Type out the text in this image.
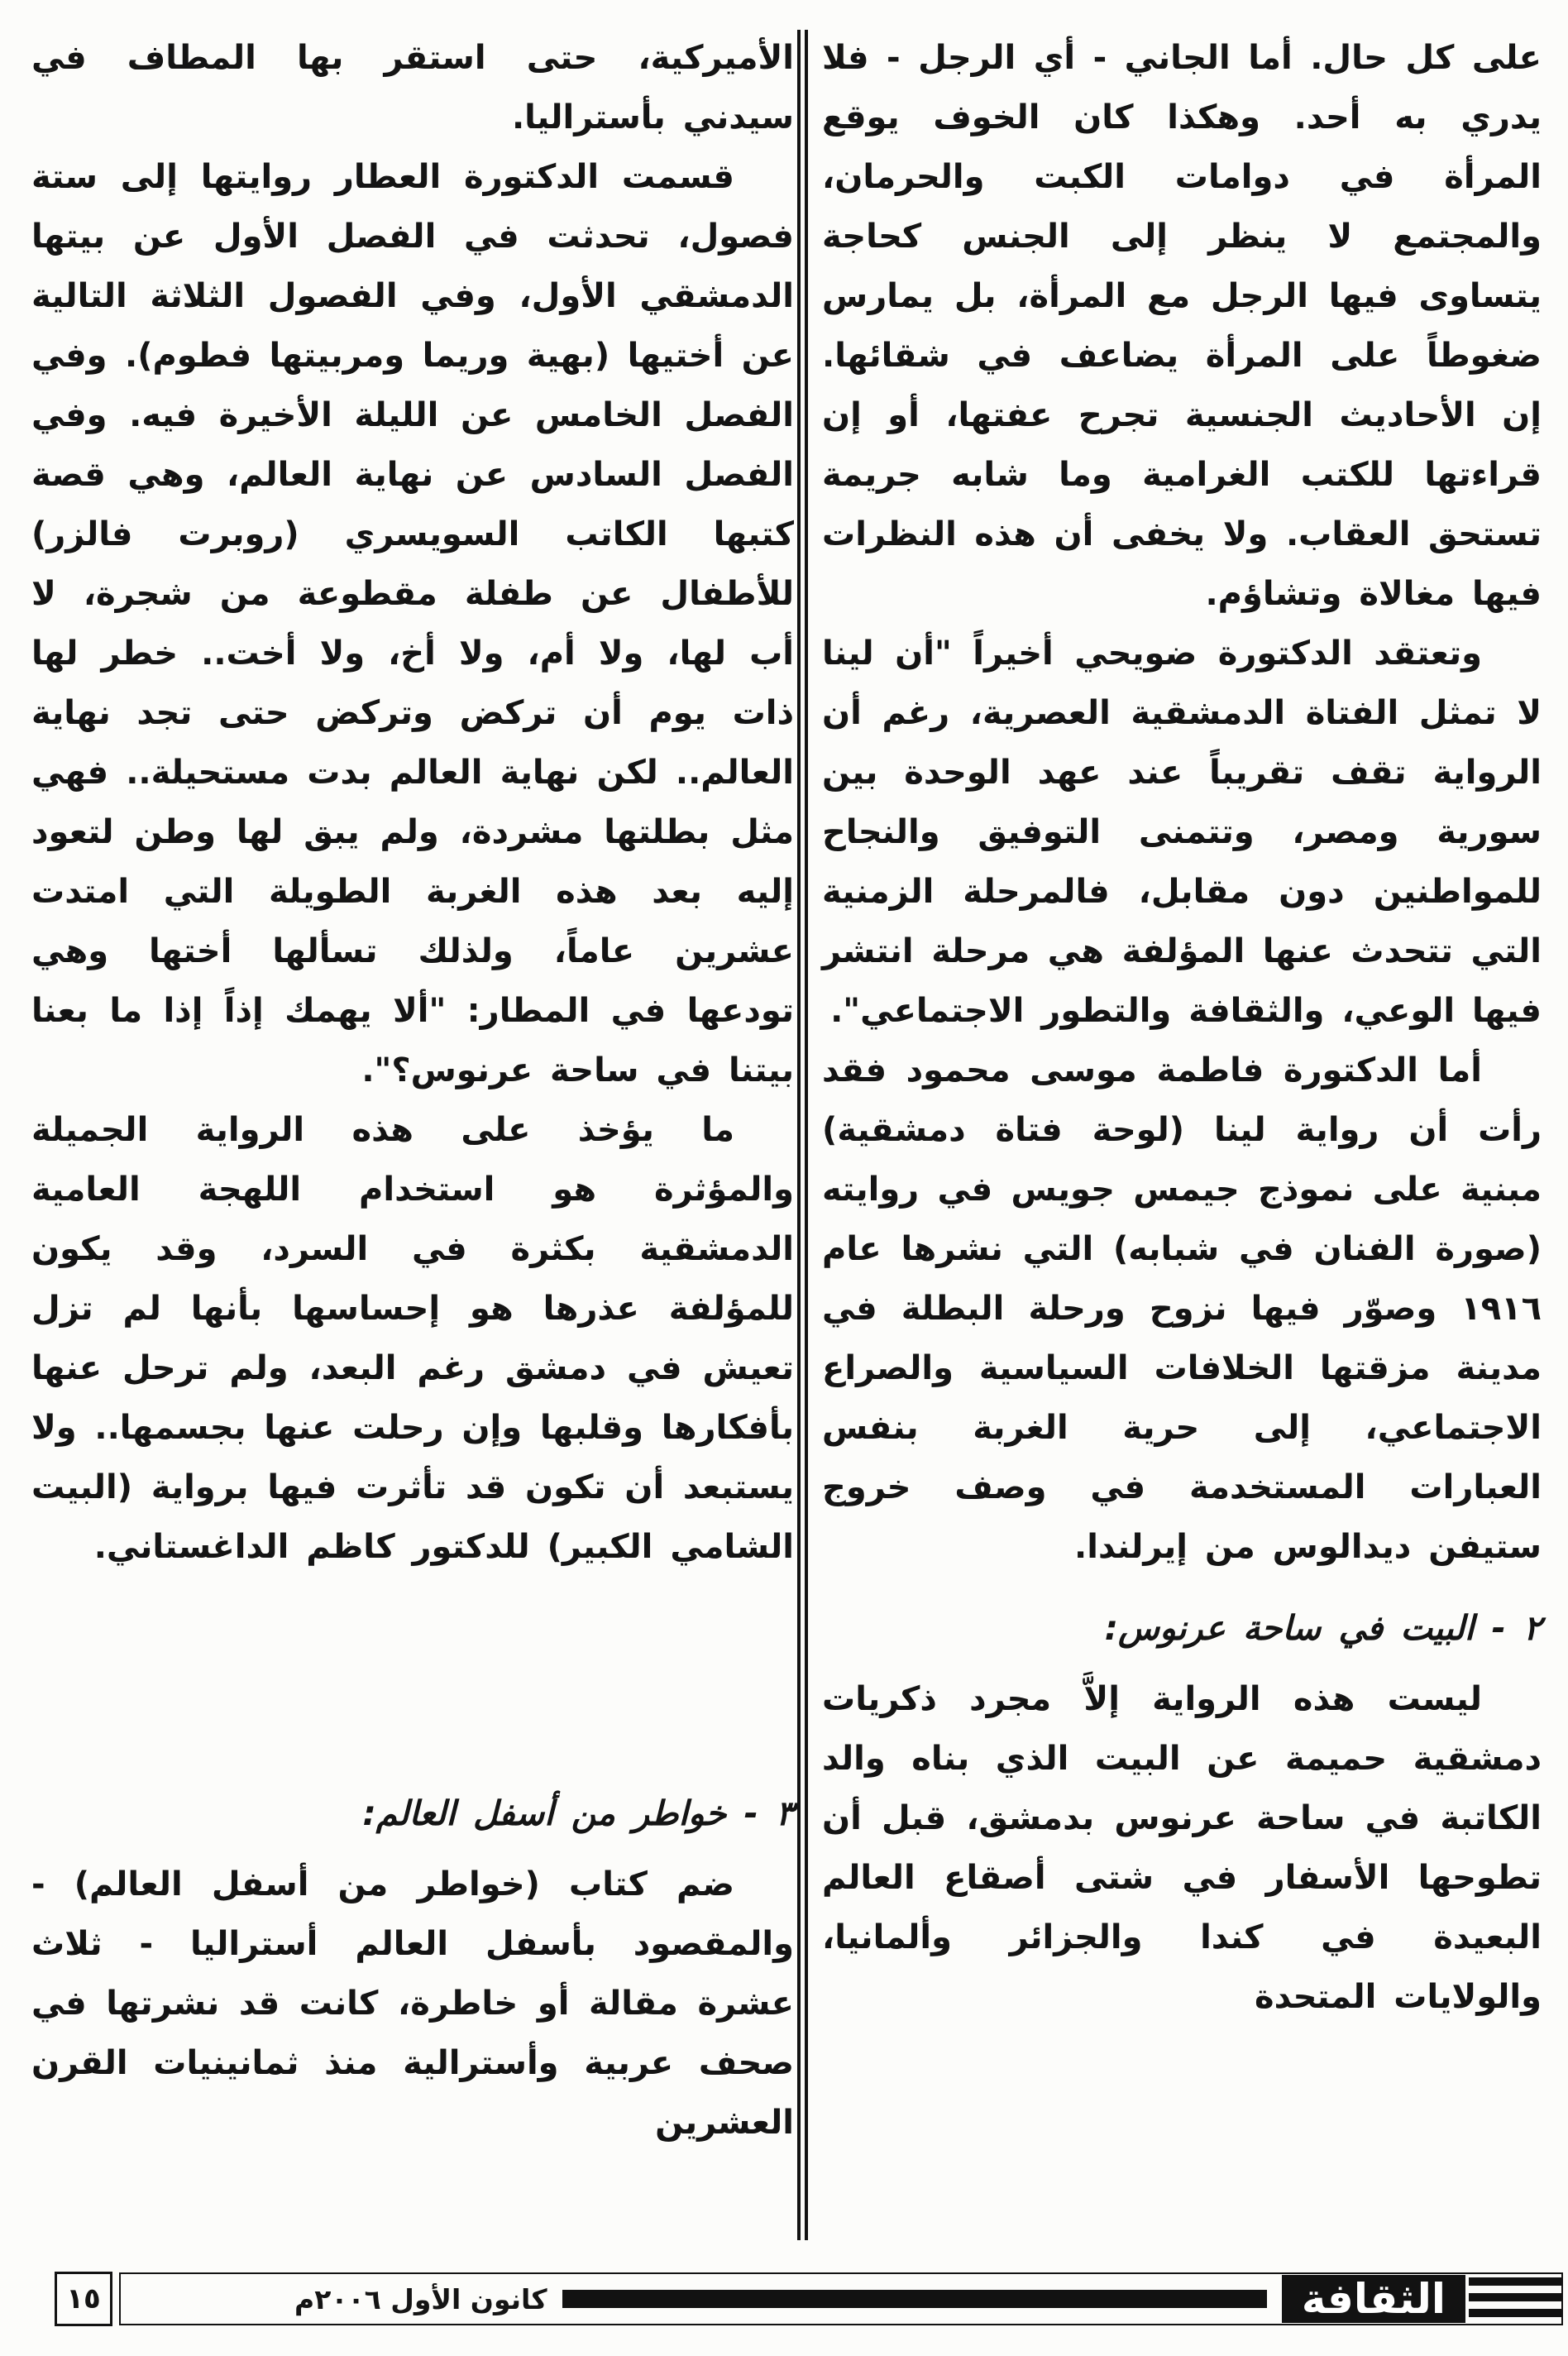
على كل حال. أما الجاني - أي الرجل - فلا يدري به أحد. وهكذا كان الخوف يوقع المرأة في دوامات الكبت والحرمان، والمجتمع لا ينظر إلى الجنس كحاجة يتساوى فيها الرجل مع المرأة، بل يمارس ضغوطاً على المرأة يضاعف في شقائها. إن الأحاديث الجنسية تجرح عفتها، أو إن قراءتها للكتب الغرامية وما شابه جريمة تستحق العقاب. ولا يخفى أن هذه النظرات فيها مغالاة وتشاؤم.

وتعتقد الدكتورة ضويحي أخيراً "أن لينا لا تمثل الفتاة الدمشقية العصرية، رغم أن الرواية تقف تقريباً عند عهد الوحدة بين سورية ومصر، وتتمنى التوفيق والنجاح للمواطنين دون مقابل، فالمرحلة الزمنية التي تتحدث عنها المؤلفة هي مرحلة انتشر فيها الوعي، والثقافة والتطور الاجتماعي".

أما الدكتورة فاطمة موسى محمود فقد رأت أن رواية لينا (لوحة فتاة دمشقية) مبنية على نموذج جيمس جويس في روايته (صورة الفنان في شبابه) التي نشرها عام ١٩١٦ وصوّر فيها نزوح ورحلة البطلة في مدينة مزقتها الخلافات السياسية والصراع الاجتماعي، إلى حرية الغربة بنفس العبارات المستخدمة في وصف خروج ستيفن ديدالوس من إيرلندا.

٢ - البيت في ساحة عرنوس:

ليست هذه الرواية إلاَّ مجرد ذكريات دمشقية حميمة عن البيت الذي بناه والد الكاتبة في ساحة عرنوس بدمشق، قبل أن تطوحها الأسفار في شتى أصقاع العالم البعيدة في كندا والجزائر وألمانيا، والولايات المتحدة

الأميركية، حتى استقر بها المطاف في سيدني بأستراليا.

قسمت الدكتورة العطار روايتها إلى ستة فصول، تحدثت في الفصل الأول عن بيتها الدمشقي الأول، وفي الفصول الثلاثة التالية عن أختيها (بهية وريما ومربيتها فطوم). وفي الفصل الخامس عن الليلة الأخيرة فيه. وفي الفصل السادس عن نهاية العالم، وهي قصة كتبها الكاتب السويسري (روبرت فالزر) للأطفال عن طفلة مقطوعة من شجرة، لا أب لها، ولا أم، ولا أخ، ولا أخت.. خطر لها ذات يوم أن تركض وتركض حتى تجد نهاية العالم.. لكن نهاية العالم بدت مستحيلة.. فهي مثل بطلتها مشردة، ولم يبق لها وطن لتعود إليه بعد هذه الغربة الطويلة التي امتدت عشرين عاماً، ولذلك تسألها أختها وهي تودعها في المطار: "ألا يهمك إذاً إذا ما بعنا بيتنا في ساحة عرنوس؟".

ما يؤخذ على هذه الرواية الجميلة والمؤثرة هو استخدام اللهجة العامية الدمشقية بكثرة في السرد، وقد يكون للمؤلفة عذرها هو إحساسها بأنها لم تزل تعيش في دمشق رغم البعد، ولم ترحل عنها بأفكارها وقلبها وإن رحلت عنها بجسمها.. ولا يستبعد أن تكون قد تأثرت فيها برواية (البيت الشامي الكبير) للدكتور كاظم الداغستاني.

٣ - خواطر من أسفل العالم:

ضم كتاب (خواطر من أسفل العالم) - والمقصود بأسفل العالم أستراليا - ثلاث عشرة مقالة أو خاطرة، كانت قد نشرتها في صحف عربية وأسترالية منذ ثمانينيات القرن العشرين

١٥	كانون الأول ٢٠٠٦م	الثقافة
